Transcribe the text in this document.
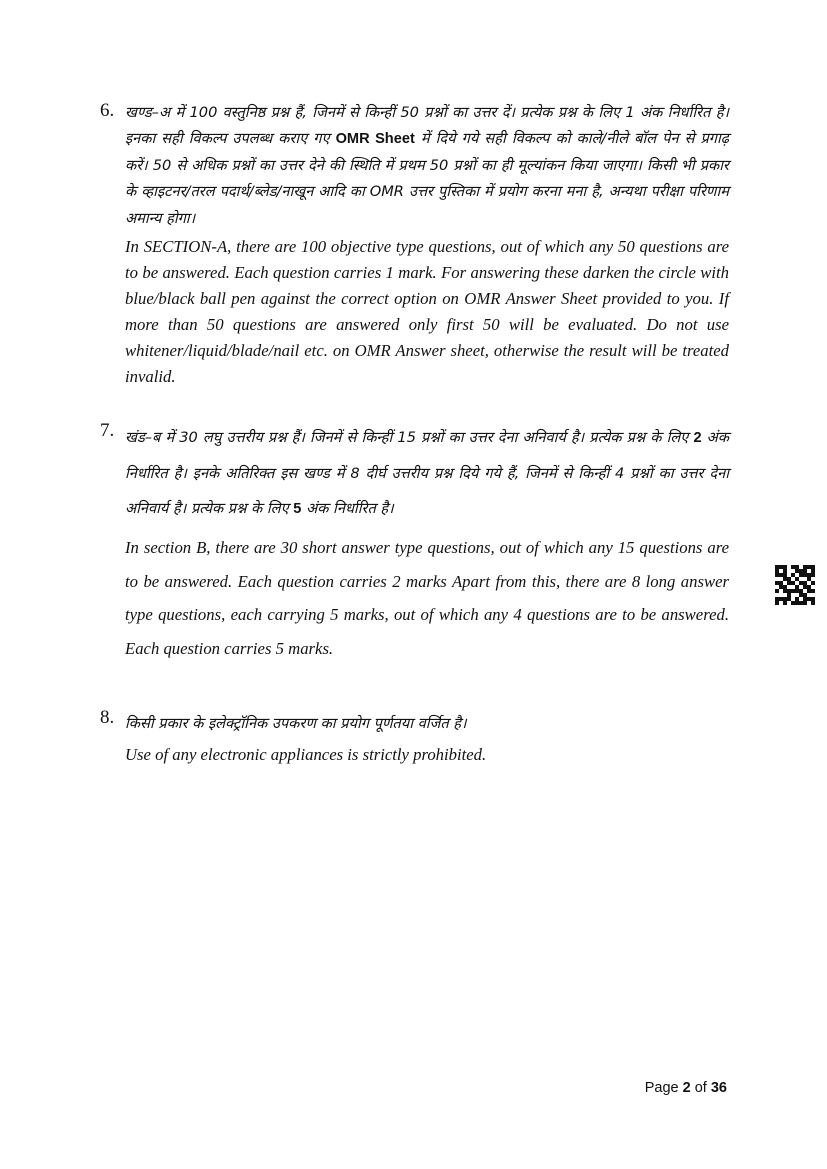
6. खण्ड–अ में 100 वस्तुनिष्ठ प्रश्न हैं, जिनमें से किन्हीं 50 प्रश्नों का उत्तर दें। प्रत्येक प्रश्न के लिए 1 अंक निर्धारित है। इनका सही विकल्प उपलब्ध कराए गए OMR Sheet में दिये गये सही विकल्प को काले/नीले बॉल पेन से प्रगाढ़ करें। 50 से अधिक प्रश्नों का उत्तर देने की स्थिति में प्रथम 50 प्रश्नों का ही मूल्यांकन किया जाएगा। किसी भी प्रकार के व्हाइटनर/तरल पदार्थ/ब्लेड/नाखून आदि का OMR उत्तर पुस्तिका में प्रयोग करना मना है, अन्यथा परीक्षा परिणाम अमान्य होगा।

In SECTION-A, there are 100 objective type questions, out of which any 50 questions are to be answered. Each question carries 1 mark. For answering these darken the circle with blue/black ball pen against the correct option on OMR Answer Sheet provided to you. If more than 50 questions are answered only first 50 will be evaluated. Do not use whitener/liquid/blade/nail etc. on OMR Answer sheet, otherwise the result will be treated invalid.

7. खंड–ब में 30 लघु उत्तरीय प्रश्न हैं। जिनमें से किन्हीं 15 प्रश्नों का उत्तर देना अनिवार्य है। प्रत्येक प्रश्न के लिए 2 अंक निर्धारित है। इनके अतिरिक्त इस खण्ड में 8 दीर्घ उत्तरीय प्रश्न दिये गये हैं, जिनमें से किन्हीं 4 प्रश्नों का उत्तर देना अनिवार्य है। प्रत्येक प्रश्न के लिए 5 अंक निर्धारित है।

In section B, there are 30 short answer type questions, out of which any 15 questions are to be answered. Each question carries 2 marks Apart from this, there are 8 long answer type questions, each carrying 5 marks, out of which any 4 questions are to be answered. Each question carries 5 marks.

8. किसी प्रकार के इलेक्ट्रॉनिक उपकरण का प्रयोग पूर्णतया वर्जित है।

Use of any electronic appliances is strictly prohibited.

Page 2 of 36
